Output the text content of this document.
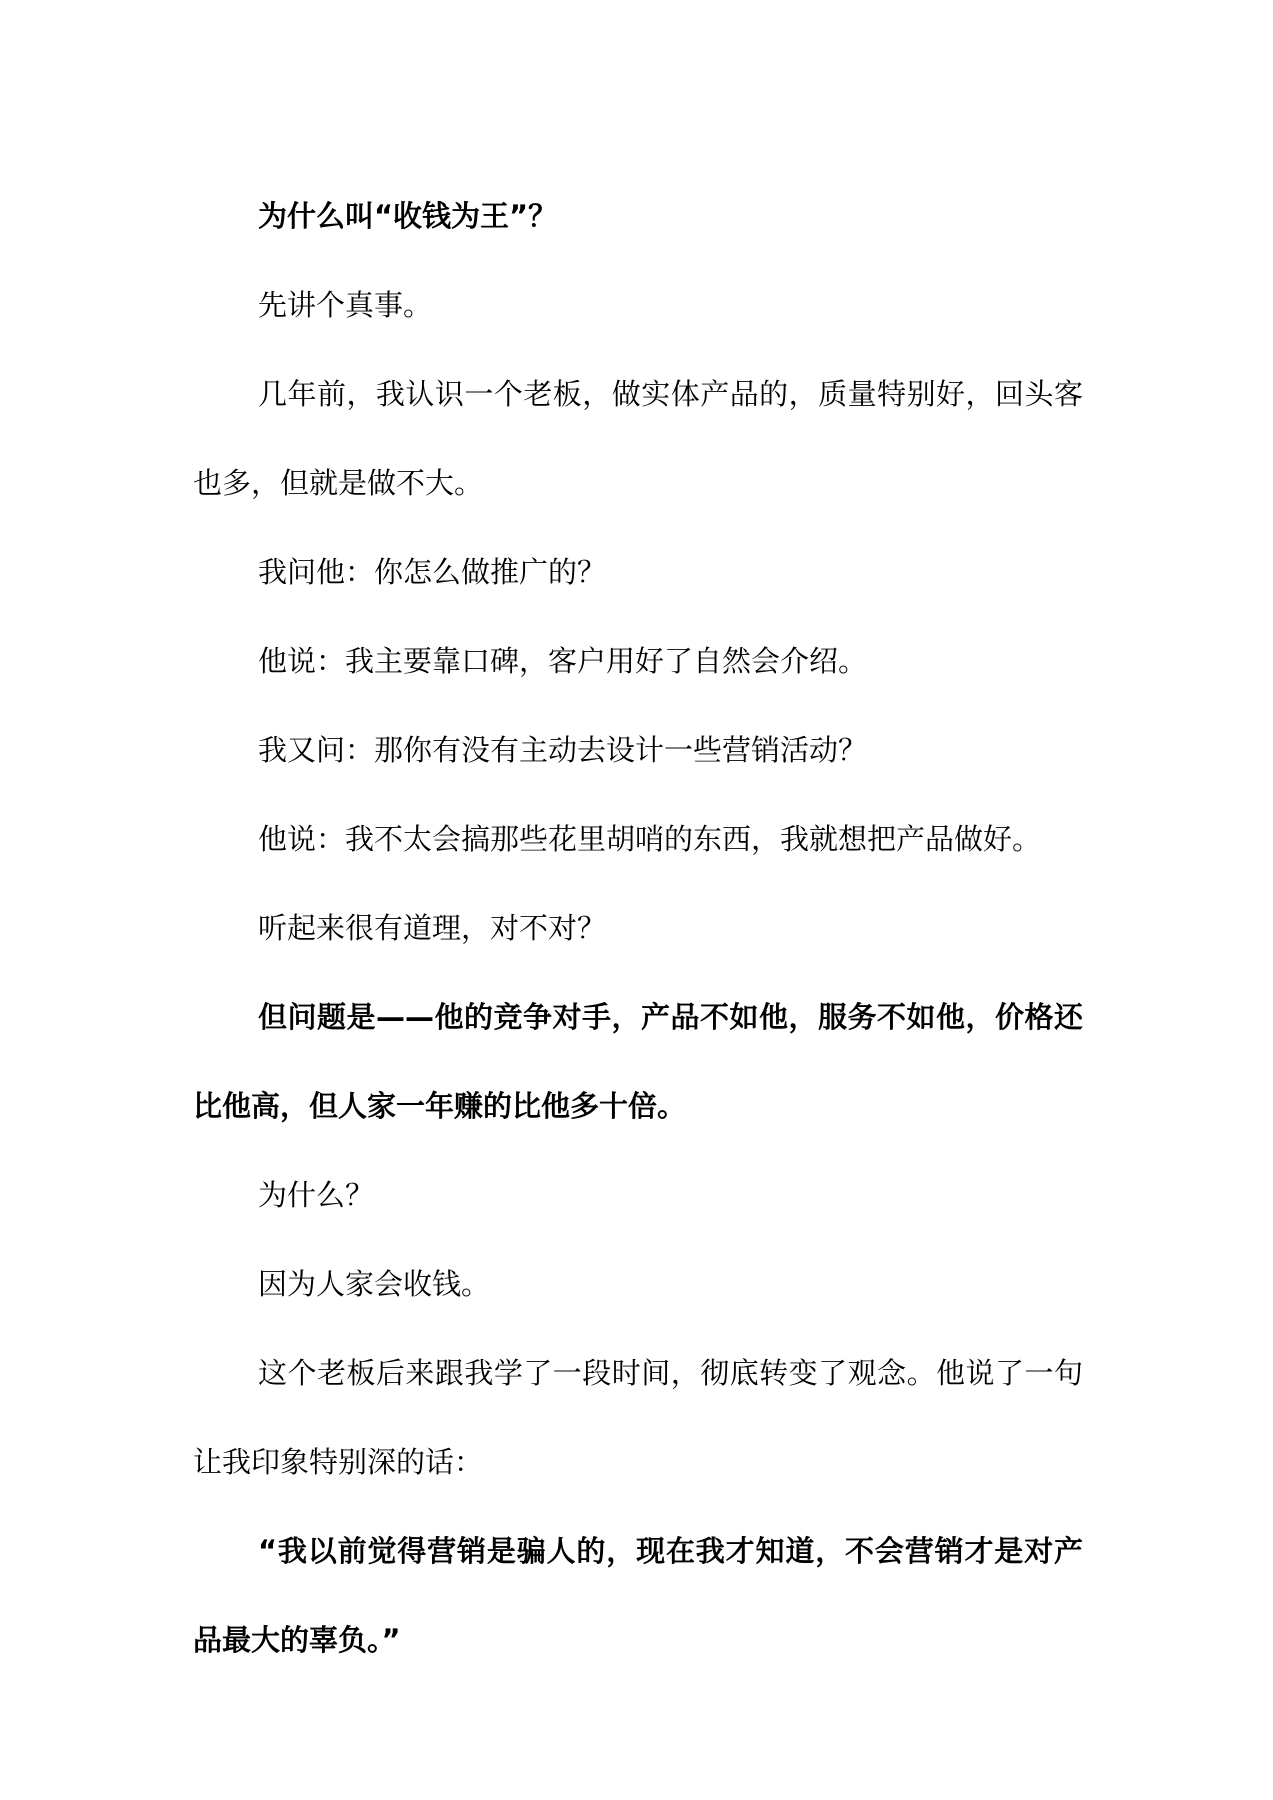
为什么叫“收钱为王”？

先讲个真事。

几年前，我认识一个老板，做实体产品的，质量特别好，回头客也多，但就是做不大。

我问他：你怎么做推广的？

他说：我主要靠口碑，客户用好了自然会介绍。

我又问：那你有没有主动去设计一些营销活动？

他说：我不太会搞那些花里胡哨的东西，我就想把产品做好。

听起来很有道理，对不对？

但问题是——他的竞争对手，产品不如他，服务不如他，价格还比他高，但人家一年赚的比他多十倍。

为什么？

因为人家会收钱。

这个老板后来跟我学了一段时间，彻底转变了观念。他说了一句让我印象特别深的话：

“我以前觉得营销是骗人的，现在我才知道，不会营销才是对产品最大的辜负。”
